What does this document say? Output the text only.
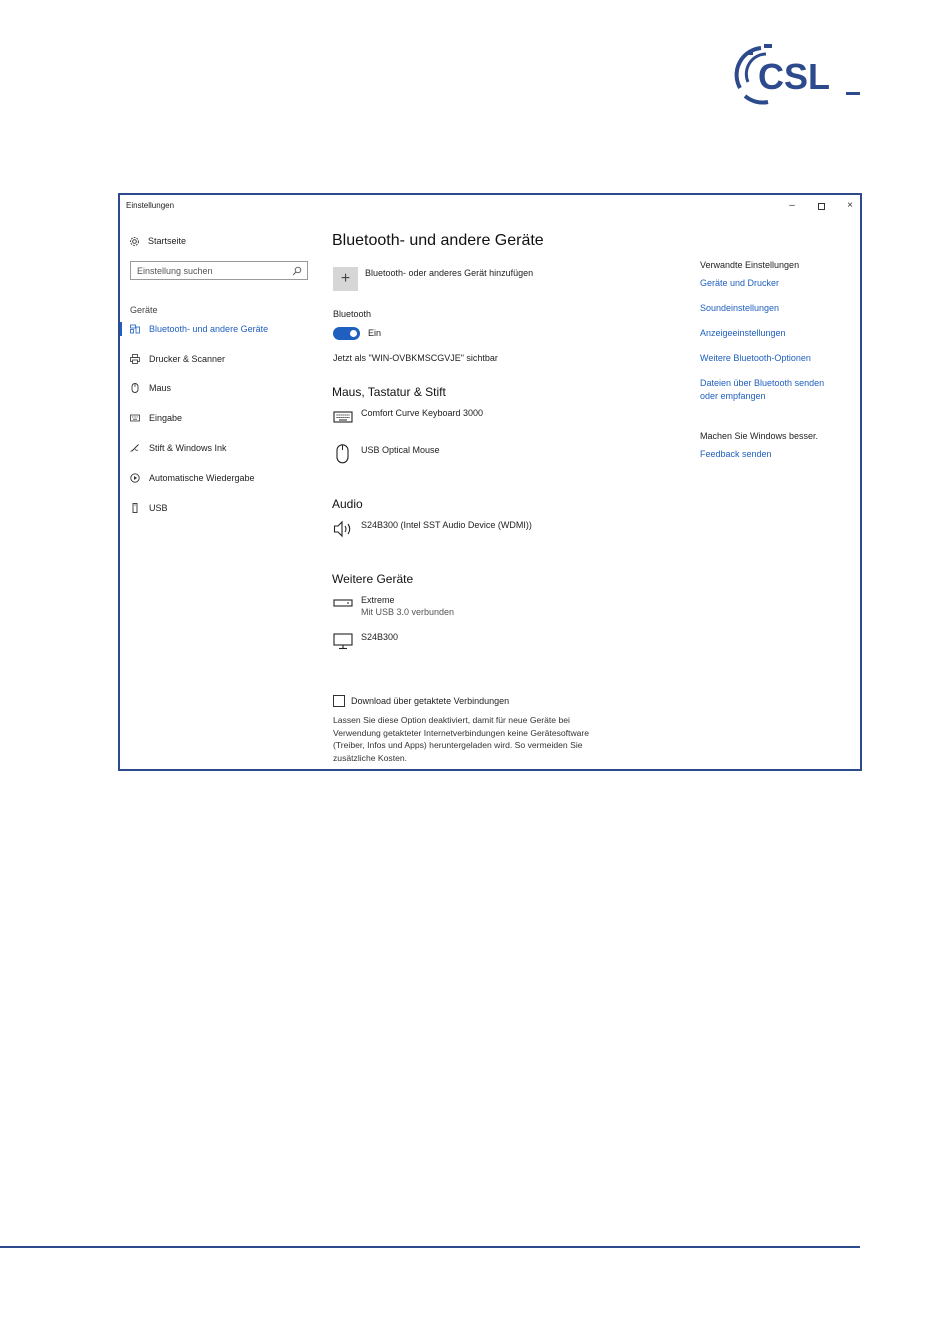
CSL
Einstellungen	–	×
Startseite
Einstellung suchen
Geräte
Bluetooth- und andere Geräte
Drucker & Scanner
Maus
Eingabe
Stift & Windows Ink
Automatische Wiedergabe
USB
Bluetooth- und andere Geräte
+	Bluetooth- oder anderes Gerät hinzufügen
Bluetooth
Ein
Jetzt als "WIN-OVBKMSCGVJE" sichtbar
Maus, Tastatur & Stift
Comfort Curve Keyboard 3000
USB Optical Mouse
Audio
S24B300 (Intel SST Audio Device (WDMI))
Weitere Geräte
Extreme
Mit USB 3.0 verbunden
S24B300
Download über getaktete Verbindungen
Lassen Sie diese Option deaktiviert, damit für neue Geräte bei Verwendung getakteter Internetverbindungen keine Gerätesoftware (Treiber, Infos und Apps) heruntergeladen wird. So vermeiden Sie zusätzliche Kosten.
Verwandte Einstellungen
Geräte und Drucker
Soundeinstellungen
Anzeigeeinstellungen
Weitere Bluetooth-Optionen
Dateien über Bluetooth senden oder empfangen
Machen Sie Windows besser.
Feedback senden
